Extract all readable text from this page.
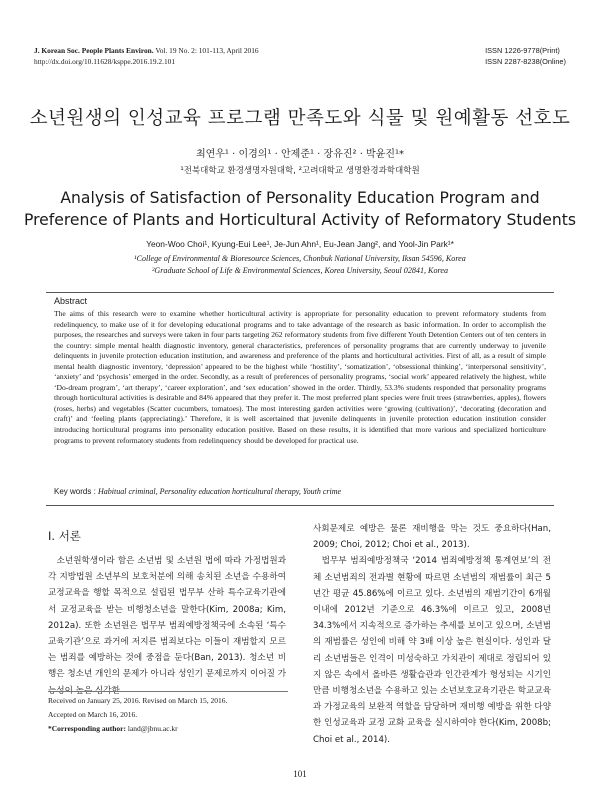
J. Korean Soc. People Plants Environ. Vol. 19 No. 2: 101-113, April 2016
http://dx.doi.org/10.11628/ksppe.2016.19.2.101
ISSN 1226-9778(Print)
ISSN 2287-8238(Online)
소년원생의 인성교육 프로그램 만족도와 식물 및 원예활동 선호도
최연우¹ · 이경의¹ · 안제준¹ · 장유진² · 박윤진¹*
¹전북대학교 환경생명자원대학, ²고려대학교 생명환경과학대학원
Analysis of Satisfaction of Personality Education Program and Preference of Plants and Horticultural Activity of Reformatory Students
Yeon-Woo Choi¹, Kyung-Eui Lee¹, Je-Jun Ahn¹, Eu-Jean Jang², and Yool-Jin Park¹*
¹College of Environmental & Bioresource Sciences, Chonbuk National University, Iksan 54596, Korea
²Graduate School of Life & Environmental Sciences, Korea University, Seoul 02841, Korea
Abstract
The aims of this research were to examine whether horticultural activity is appropriate for personality education to prevent reformatory students from redelinquency, to make use of it for developing educational programs and to take advantage of the research as basic information. In order to accomplish the purposes, the researches and surveys were taken in four parts targeting 262 reformatory students from five different Youth Detention Centers out of ten centers in the country: simple mental health diagnostic inventory, general characteristics, preferences of personality programs that are currently underway to juvenile delinquents in juvenile protection education institution, and awareness and preference of the plants and horticultural activities. First of all, as a result of simple mental health diagnostic inventory, ‘depression’ appeared to be the highest while ‘hostility’, ‘somatization’, ‘obsessional thinking’, ‘interpersonal sensitivity’, ‘anxiety’ and ‘psychosis’ emerged in the order. Secondly, as a result of preferences of personality programs, ‘social work’ appeared relatively the highest, while ‘Do-dream program’, ‘art therapy’, ‘career exploration’, and ‘sex education’ showed in the order. Thirdly, 53.3% students responded that personality programs through horticultural activities is desirable and 84% appeared that they prefer it. The most preferred plant species were fruit trees (strawberries, apples), flowers (roses, herbs) and vegetables (Scatter cucumbers, tomatoes). The most interesting garden activities were ‘growing (cultivation)’, ‘decorating (decoration and craft)’ and ‘feeling plants (appreciating).’ Therefore, it is well ascertained that juvenile delinquents in juvenile protection education institution consider introducing horticultural programs into personality education positive. Based on these results, it is identified that more various and specialized horticulture programs to prevent reformatory students from redelinquency should be developed for practical use.
Key words : Habitual criminal, Personality education horticultural therapy, Youth crime
Ⅰ. 서론

소년원학생이라 함은 소년범 및 소년원 법에 따라 가정법원과 각 지방법원 소년부의 보호처분에 의해 송치된 소년을 수용하여 교정교육을 행할 목적으로 설립된 법무부 산하 특수교육기관에서 교정교육을 받는 비행청소년을 말한다(Kim, 2008a; Kim, 2012a). 또한 소년원은 법무부 범죄예방정책국에 소속된 ‘특수교육기관’으로 과거에 저지른 범죄보다는 이들이 재범할지 모르는 범죄를 예방하는 것에 중점을 둔다(Ban, 2013). 청소년 비행은 청소년 개인의 문제가 아니라 성인기 문제로까지 이어질 가

Received on January 25, 2016. Revised on March 15, 2016.
Accepted on March 16, 2016.
*Corresponding author: land@jbnu.ac.kr

사회문제로 예방은 물론 재비행을 막는 것도 중요하다(Han, 2009; Choi, 2012; Choi et al., 2013).

법무부 범죄예방정책국 ‘2014 범죄예방정책 통계연보’의 전체 소년범죄의 전과별 현황에 따르면 소년범의 재범률이 최근 5년간 평균 45.86%에 이르고 있다. 소년범의 재범기간이 6개월 이내에 2012년 기준으로 46.3%에 이르고 있고, 2008년 34.3%에서 지속적으로 증가하는 추세를 보이고 있으며, 소년범의 재범률은 성인에 비해 약 3배 이상 높은 현실이다. 성인과 달리 소년범들은 인격이 미성숙하고 가치관이 제대로 정립되어 있지 않은 속에서 올바른 생활습관과 인간관계가 형성되는 시기인 만큼 비행청소년을 수용하고 있는 소년보호교육기관은 학교교육과 가정교육의 보완적 역할을 담당하며 재비행 예방을 위한 다양한 인성교육과 교정 교화 교육을 실시하여야 한다(Kim, 2008b; Choi et al., 2014).

101
